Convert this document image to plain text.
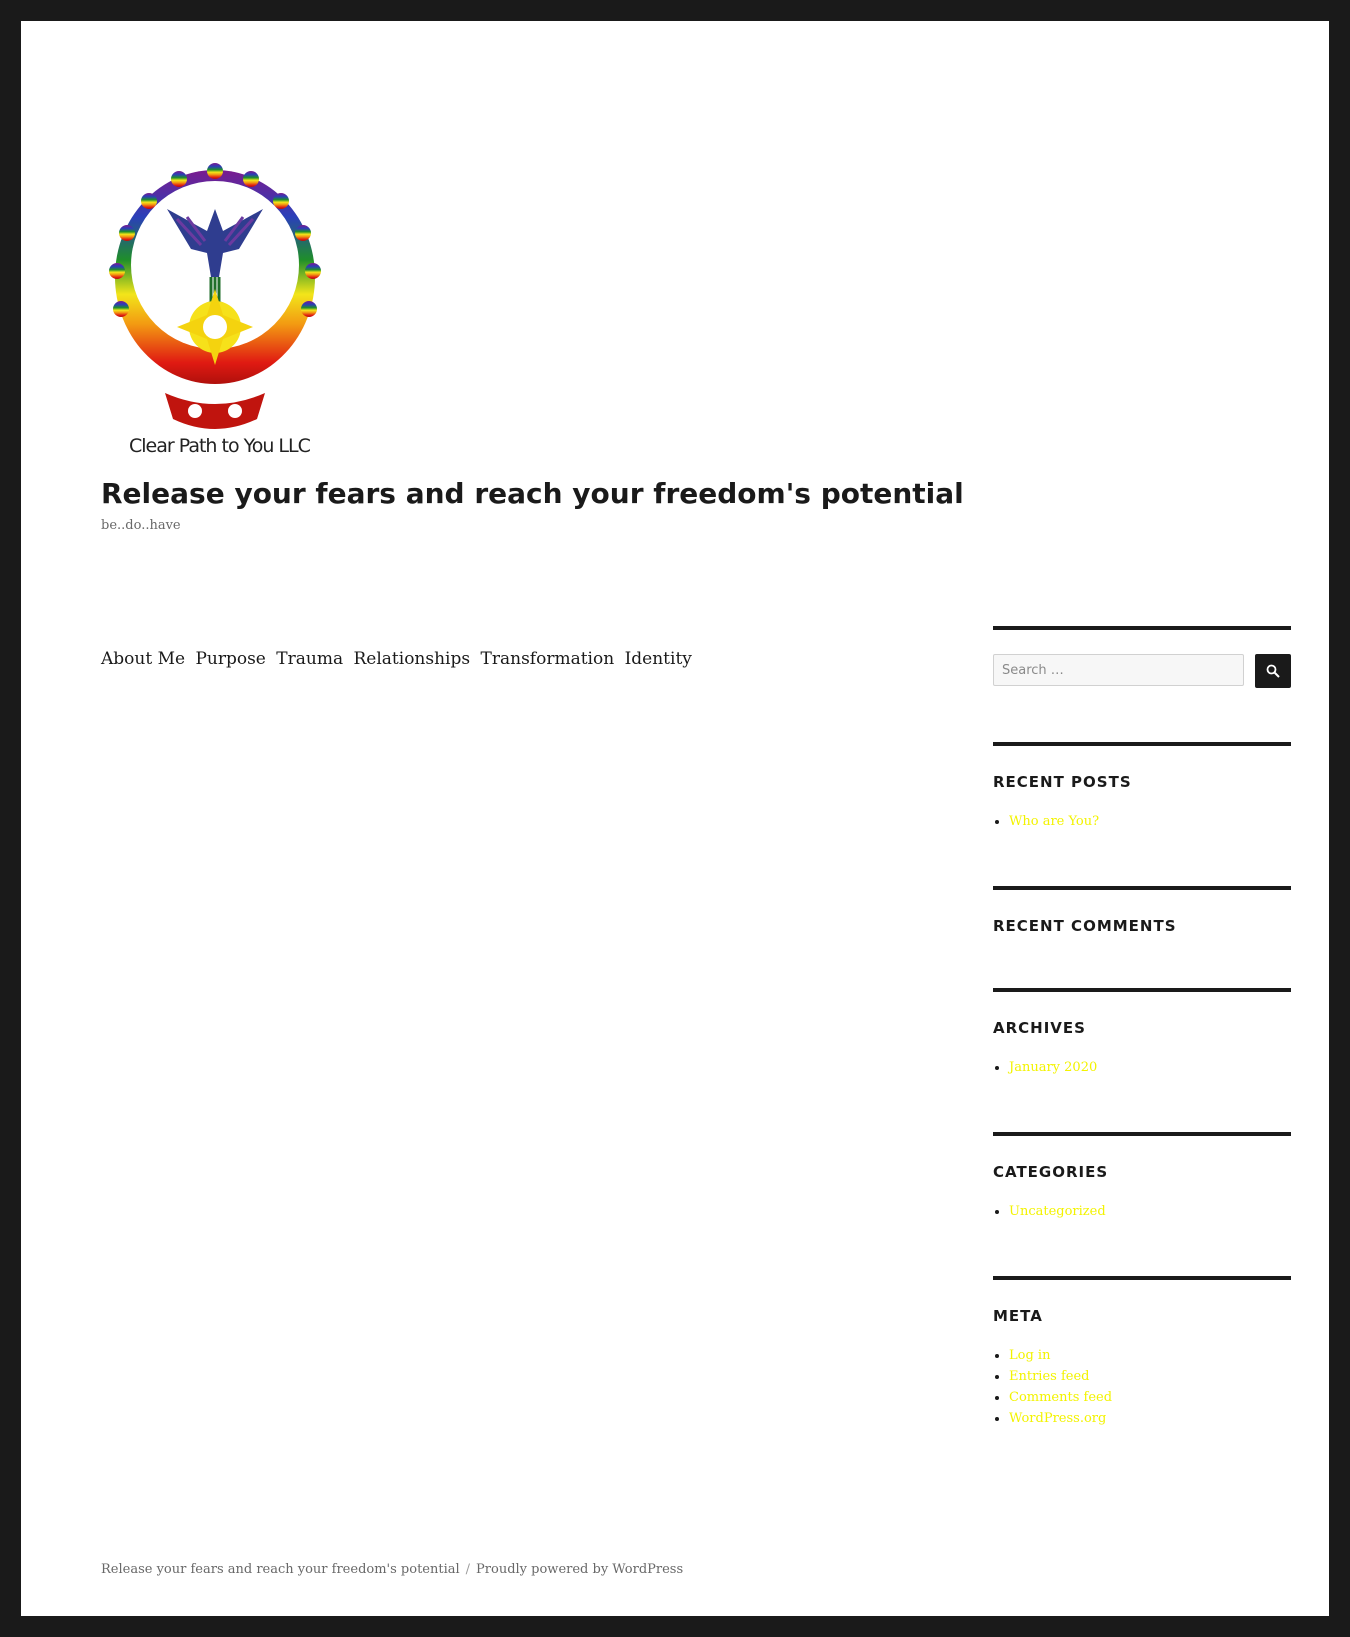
Clear Path to You LLC
Release your fears and reach your freedom's potential
be..do..have
About Me Purpose Trauma Relationships Transformation Identity
Search …
RECENT POSTS
Who are You?
RECENT COMMENTS
ARCHIVES
January 2020
CATEGORIES
Uncategorized
META
Log in
Entries feed
Comments feed
WordPress.org
Release your fears and reach your freedom's potential / Proudly powered by WordPress
